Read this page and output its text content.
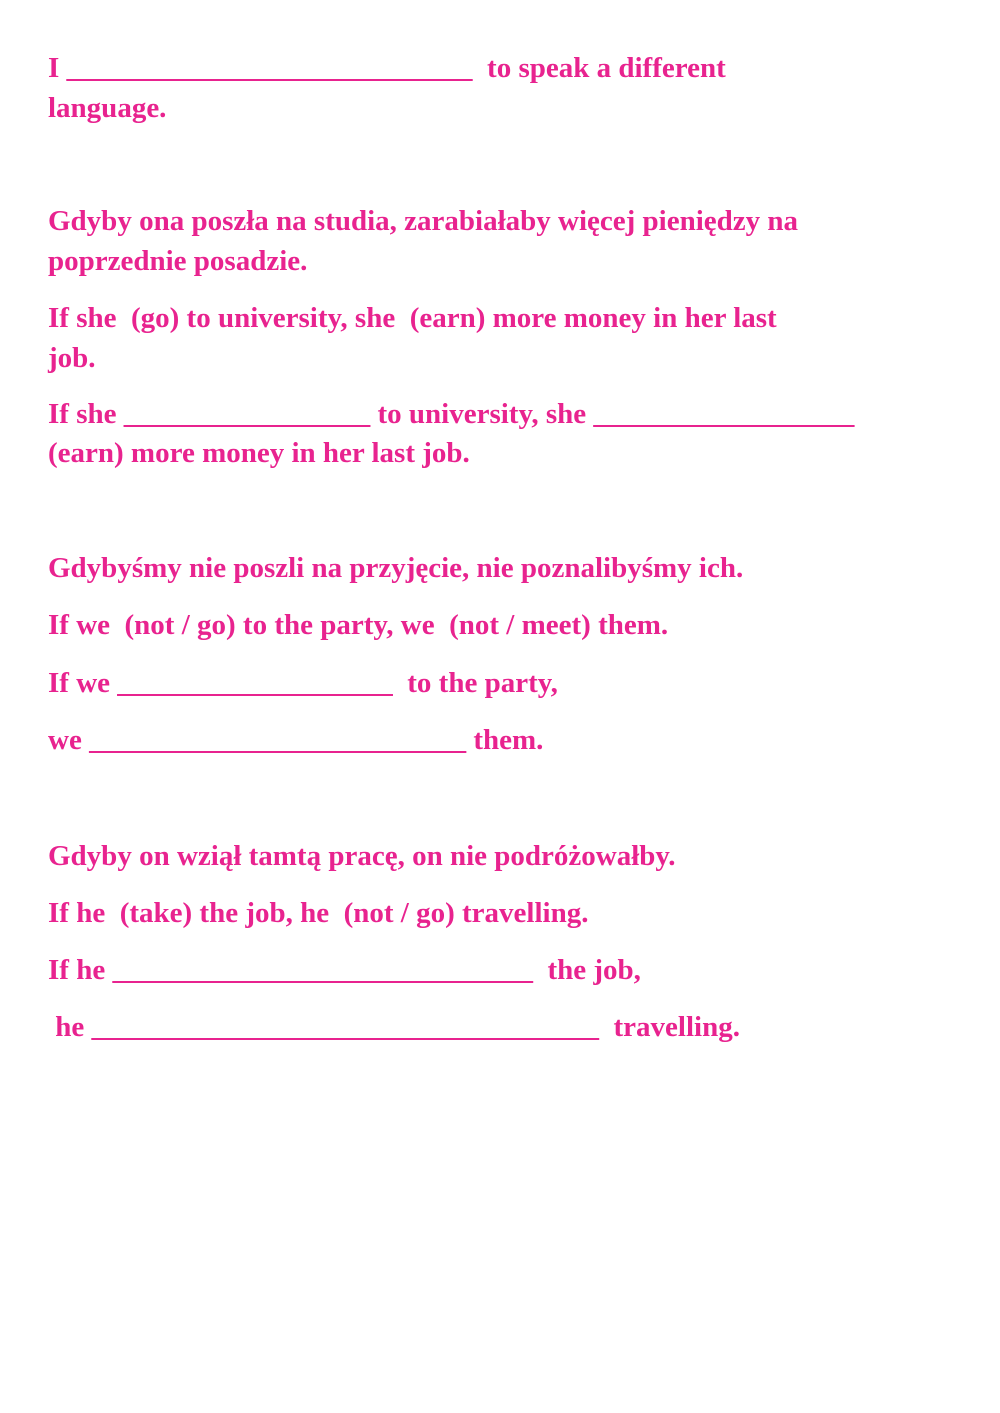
I ____________________________  to speak a different
language.
Gdyby ona poszła na studia, zarabiałaby więcej pieniędzy na
poprzednie posadzie.
If she  (go) to university, she  (earn) more money in her last
job.
If she _________________ to university, she __________________
(earn) more money in her last job.
Gdybyśmy nie poszli na przyjęcie, nie poznalibyśmy ich.
If we  (not / go) to the party, we  (not / meet) them.
If we ___________________  to the party,
we __________________________ them.
Gdyby on wziął tamtą pracę, on nie podróżowałby.
If he  (take) the job, he  (not / go) travelling.
If he _____________________________  the job,
he ___________________________________  travelling.
